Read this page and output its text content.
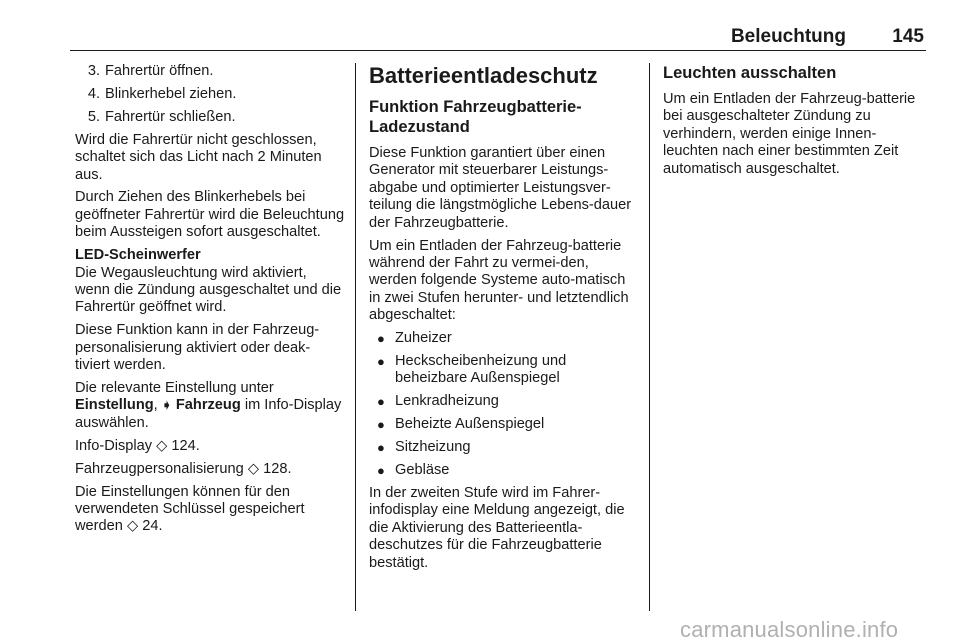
Beleuchtung 145
3. Fahrertür öffnen.
4. Blinkerhebel ziehen.
5. Fahrertür schließen.

Wird die Fahrertür nicht geschlossen, schaltet sich das Licht nach 2 Minuten aus.

Durch Ziehen des Blinkerhebels bei geöffneter Fahrertür wird die Beleuchtung beim Aussteigen sofort ausgeschaltet.

LED-Scheinwerfer

Die Wegausleuchtung wird aktiviert, wenn die Zündung ausgeschaltet und die Fahrertür geöffnet wird.

Diese Funktion kann in der Fahrzeug-personalisierung aktiviert oder deak-tiviert werden.

Die relevante Einstellung unter
Einstellung, ➧ Fahrzeug im Info-Display auswählen.

Info-Display ◇ 124.

Fahrzeugpersonalisierung ◇ 128.

Die Einstellungen können für den verwendeten Schlüssel gespeichert werden ◇ 24.

Batterieentladeschutz
Funktion Fahrzeugbatterie-Ladezustand

Diese Funktion garantiert über einen Generator mit steuerbarer Leistungs-abgabe und optimierter Leistungsver-teilung die längstmögliche Lebens-dauer der Fahrzeugbatterie.

Um ein Entladen der Fahrzeug-batterie während der Fahrt zu vermei-den, werden folgende Systeme auto-matisch in zwei Stufen herunter- und letztendlich abgeschaltet:

● Zuheizer
● Heckscheibenheizung und beheizbare Außenspiegel
● Lenkradheizung
● Beheizte Außenspiegel
● Sitzheizung
● Gebläse

In der zweiten Stufe wird im Fahrer-infodisplay eine Meldung angezeigt, die die Aktivierung des Batterieentla-deschutzes für die Fahrzeugbatterie bestätigt.

Leuchten ausschalten

Um ein Entladen der Fahrzeug-batterie bei ausgeschalteter Zündung zu verhindern, werden einige Innen-leuchten nach einer bestimmten Zeit automatisch ausgeschaltet.

carmanualsonline.info
